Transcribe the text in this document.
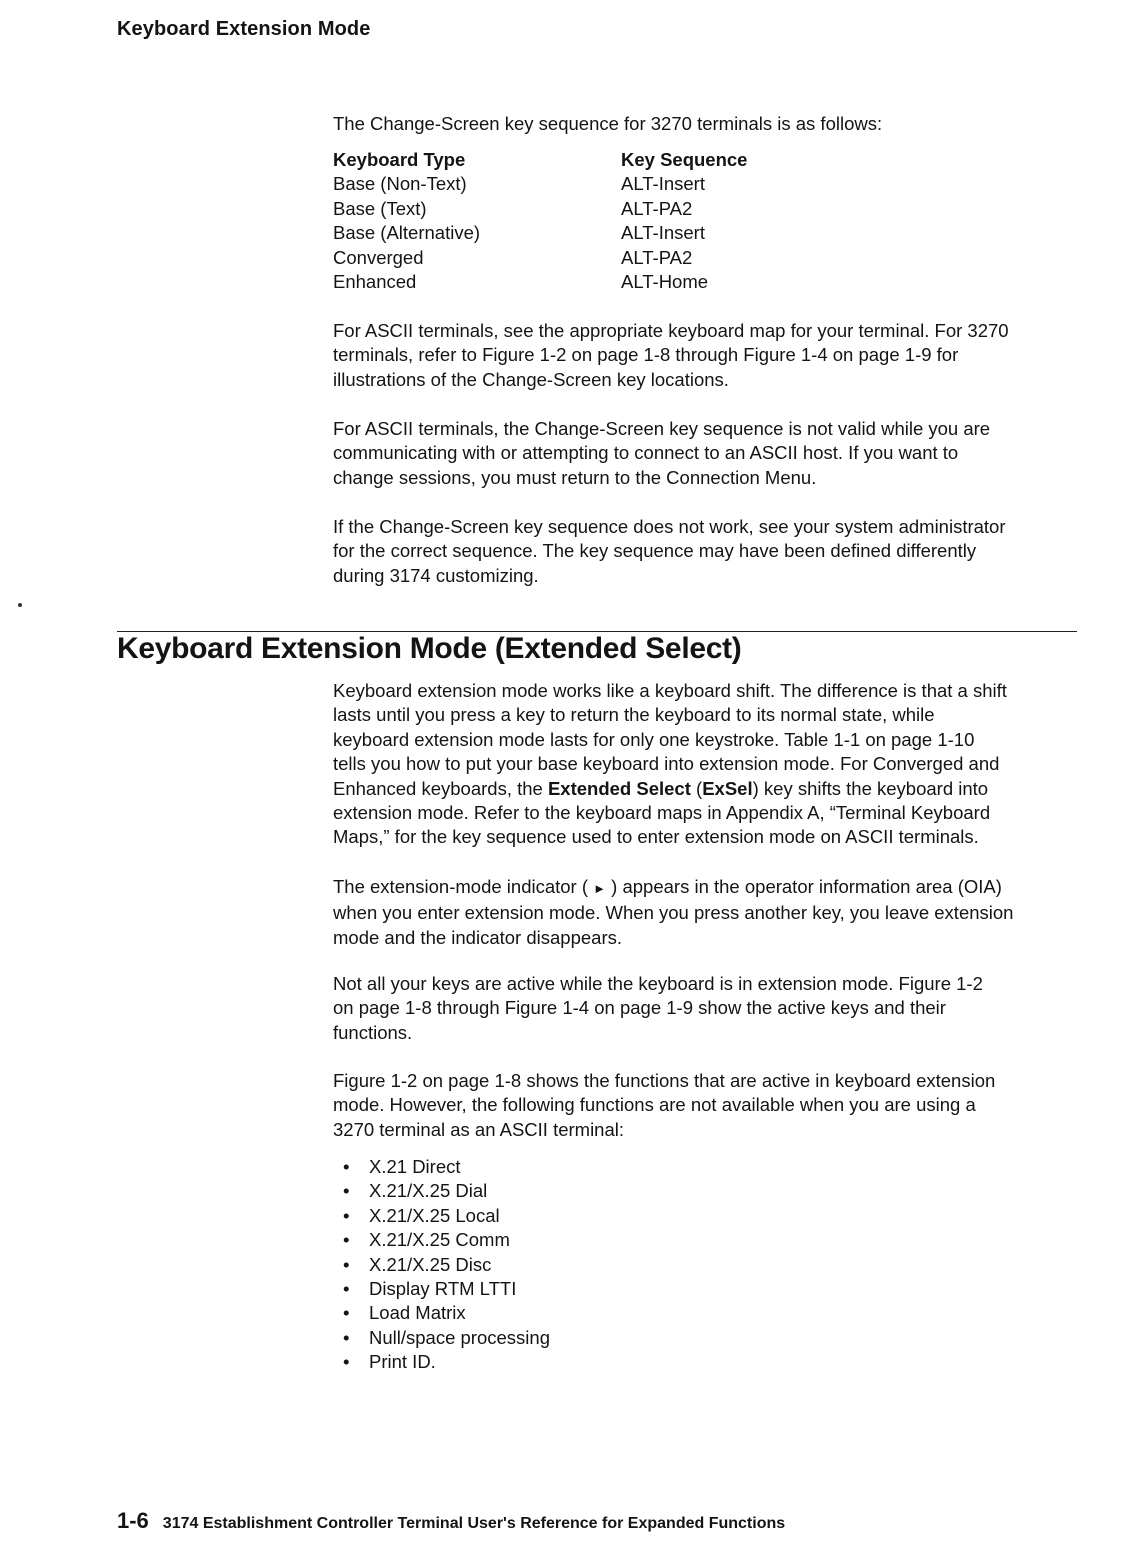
Keyboard Extension Mode

The Change-Screen key sequence for 3270 terminals is as follows:

Keyboard Type	Key Sequence
Base (Non-Text)	ALT-Insert
Base (Text)	ALT-PA2
Base (Alternative)	ALT-Insert
Converged	ALT-PA2
Enhanced	ALT-Home
For ASCII terminals, see the appropriate keyboard map for your terminal. For 3270
terminals, refer to Figure 1-2 on page 1-8 through Figure 1-4 on page 1-9 for
illustrations of the Change-Screen key locations.
For ASCII terminals, the Change-Screen key sequence is not valid while you are
communicating with or attempting to connect to an ASCII host. If you want to
change sessions, you must return to the Connection Menu.
If the Change-Screen key sequence does not work, see your system administrator
for the correct sequence. The key sequence may have been defined differently
during 3174 customizing.
Keyboard Extension Mode (Extended Select)
Keyboard extension mode works like a keyboard shift. The difference is that a shift
lasts until you press a key to return the keyboard to its normal state, while
keyboard extension mode lasts for only one keystroke. Table 1-1 on page 1-10
tells you how to put your base keyboard into extension mode. For Converged and
Enhanced keyboards, the Extended Select (ExSel) key shifts the keyboard into
extension mode. Refer to the keyboard maps in Appendix A, “Terminal Keyboard
Maps,” for the key sequence used to enter extension mode on ASCII terminals.
The extension-mode indicator ( ► ) appears in the operator information area (OIA)
when you enter extension mode. When you press another key, you leave extension
mode and the indicator disappears.
Not all your keys are active while the keyboard is in extension mode. Figure 1-2
on page 1-8 through Figure 1-4 on page 1-9 show the active keys and their
functions.
Figure 1-2 on page 1-8 shows the functions that are active in keyboard extension
mode. However, the following functions are not available when you are using a
3270 terminal as an ASCII terminal:
•	X.21 Direct
•	X.21/X.25 Dial
•	X.21/X.25 Local
•	X.21/X.25 Comm
•	X.21/X.25 Disc
•	Display RTM LTTI
•	Load Matrix
•	Null/space processing
•	Print ID.
1-6 3174 Establishment Controller Terminal User's Reference for Expanded Functions
